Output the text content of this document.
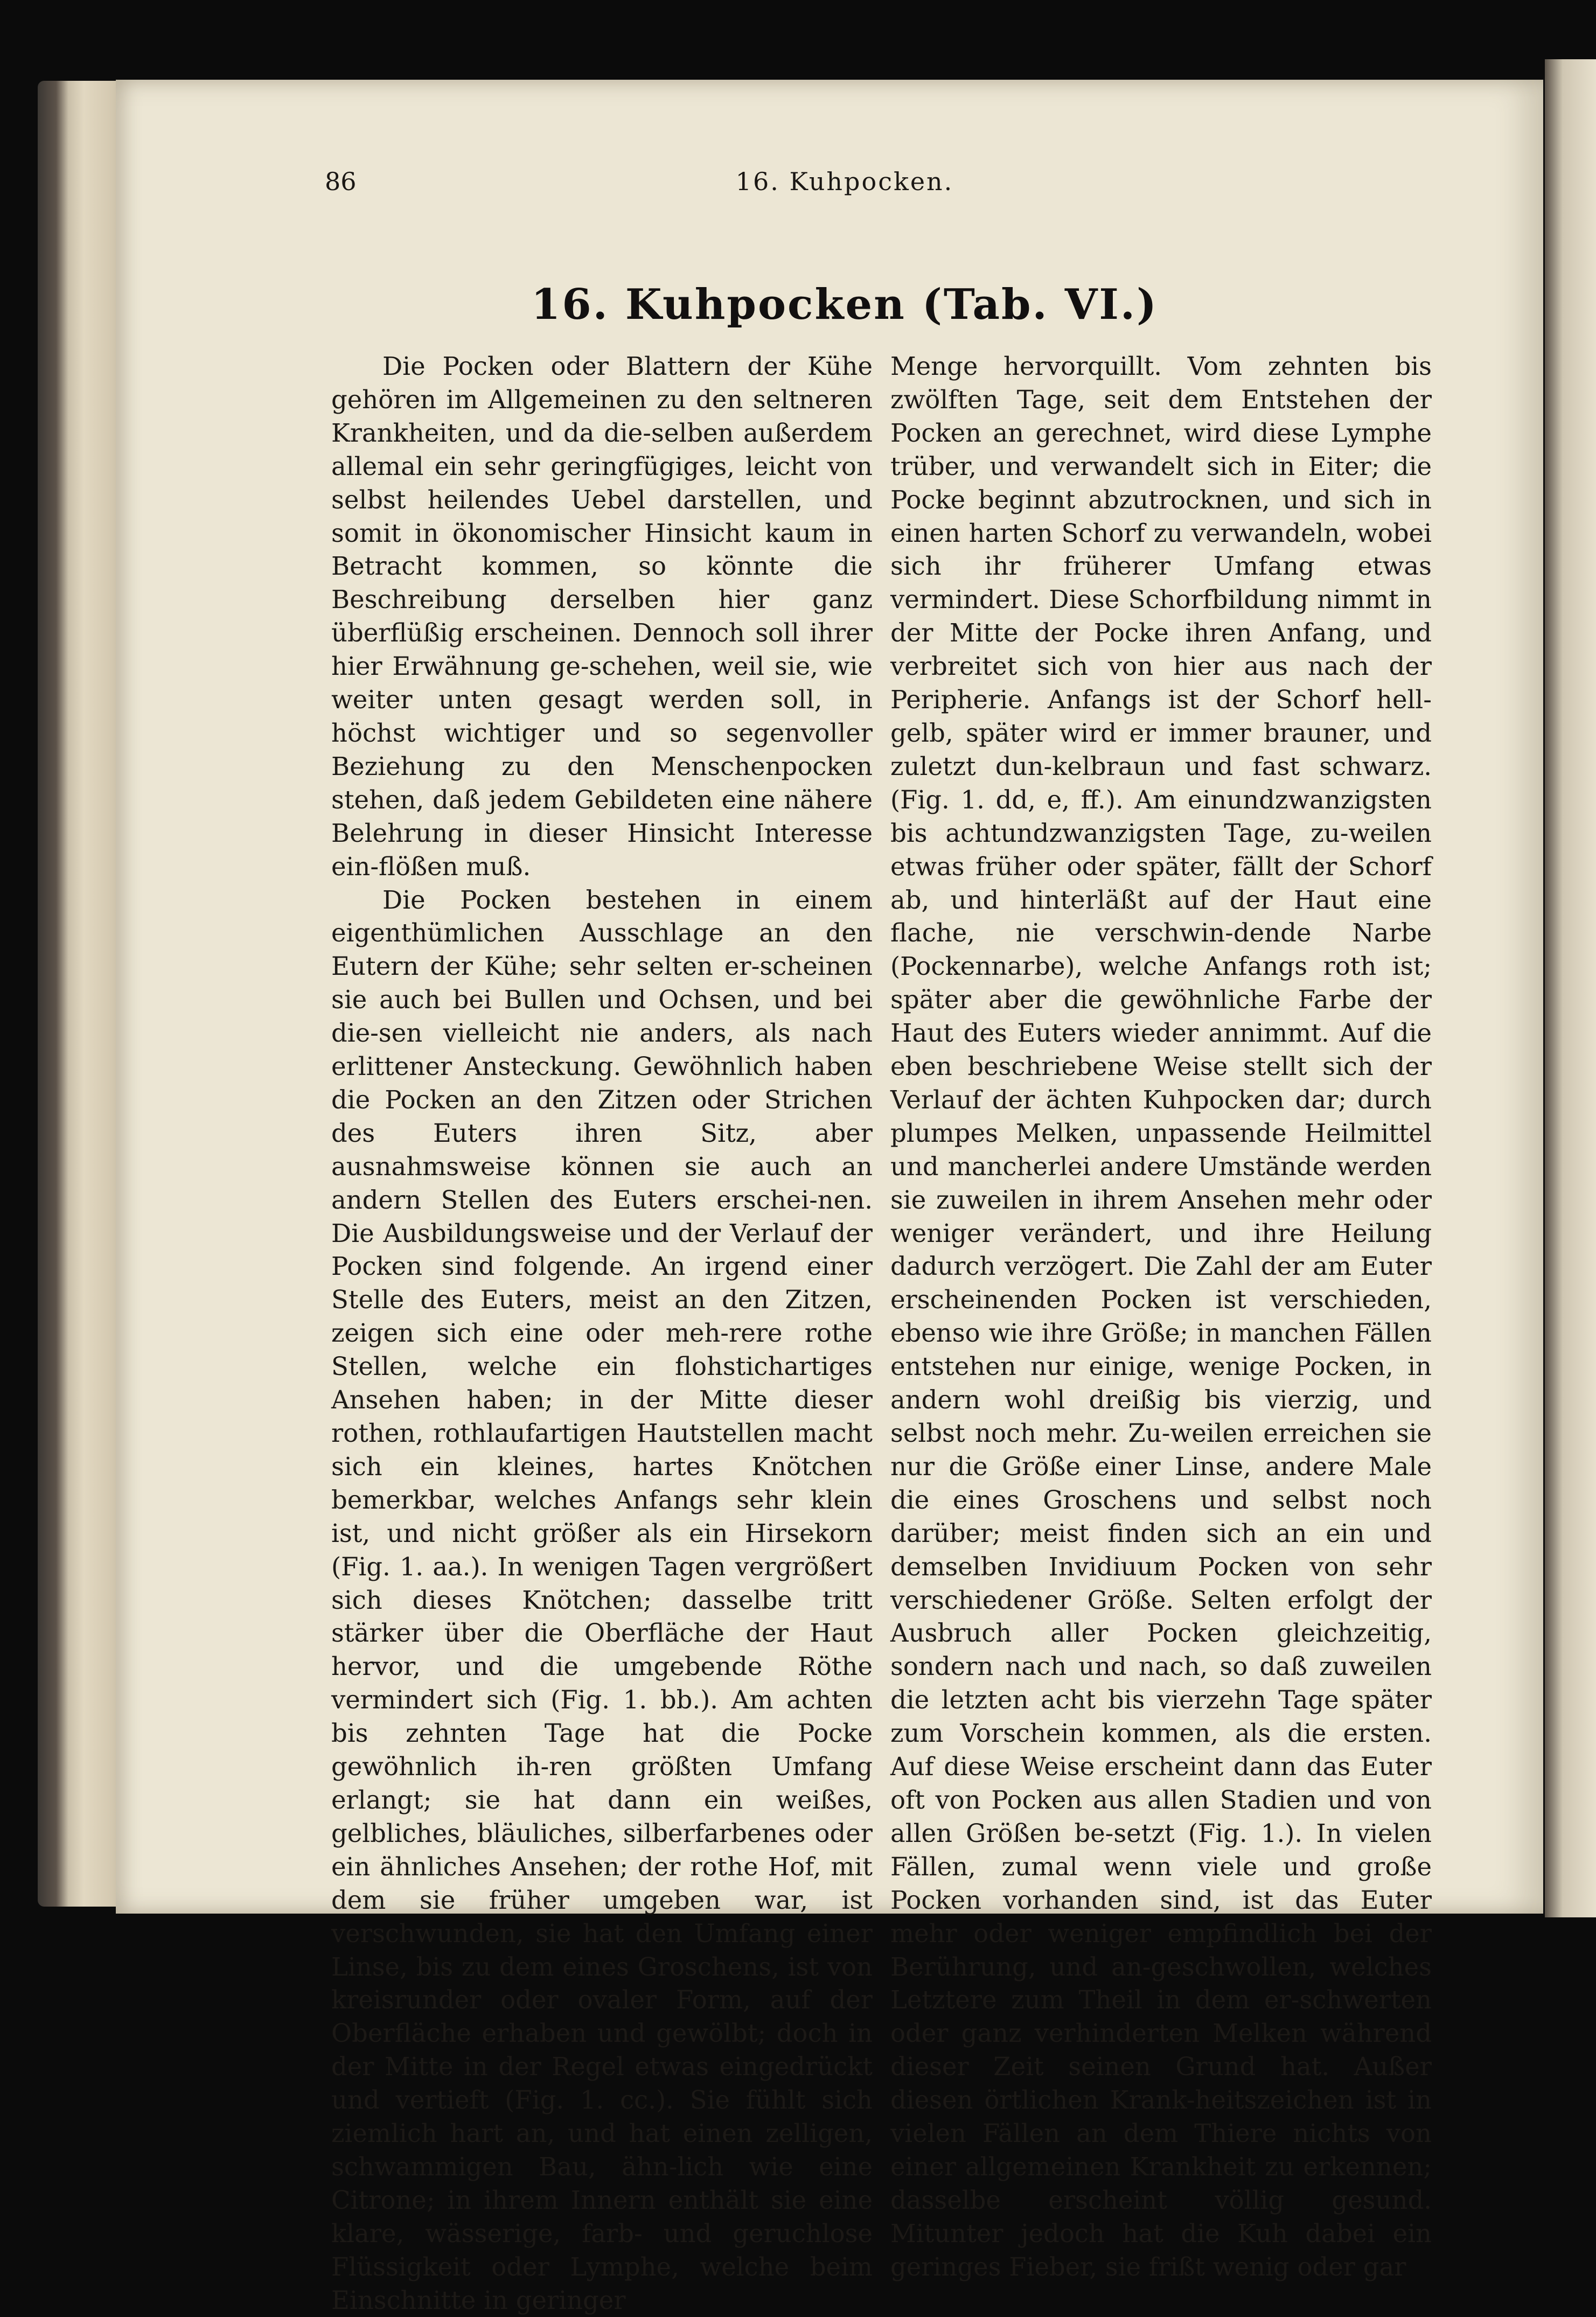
86	16. Kuhpocken.
16. Kuhpocken (Tab. VI.)

Die Pocken oder Blattern der Kühe gehören im Allgemeinen zu den seltneren Krankheiten, und da die-selben außerdem allemal ein sehr geringfügiges, leicht von selbst heilendes Uebel darstellen, und somit in ökonomischer Hinsicht kaum in Betracht kommen, so könnte die Beschreibung derselben hier ganz überflüßig erscheinen. Dennoch soll ihrer hier Erwähnung ge-schehen, weil sie, wie weiter unten gesagt werden soll, in höchst wichtiger und so segenvoller Beziehung zu den Menschenpocken stehen, daß jedem Gebildeten eine nähere Belehrung in dieser Hinsicht Interesse ein-flößen muß.

Die Pocken bestehen in einem eigenthümlichen Ausschlage an den Eutern der Kühe; sehr selten er-scheinen sie auch bei Bullen und Ochsen, und bei die-sen vielleicht nie anders, als nach erlittener Ansteckung. Gewöhnlich haben die Pocken an den Zitzen oder Strichen des Euters ihren Sitz, aber ausnahmsweise können sie auch an andern Stellen des Euters erschei-nen. Die Ausbildungsweise und der Verlauf der Pocken sind folgende. An irgend einer Stelle des Euters, meist an den Zitzen, zeigen sich eine oder meh-rere rothe Stellen, welche ein flohstichartiges Ansehen haben; in der Mitte dieser rothen, rothlaufartigen Hautstellen macht sich ein kleines, hartes Knötchen bemerkbar, welches Anfangs sehr klein ist, und nicht größer als ein Hirsekorn (Fig. 1. aa.). In wenigen Tagen vergrößert sich dieses Knötchen; dasselbe tritt stärker über die Oberfläche der Haut hervor, und die umgebende Röthe vermindert sich (Fig. 1. bb.). Am achten bis zehnten Tage hat die Pocke gewöhnlich ih-ren größten Umfang erlangt; sie hat dann ein weißes, gelbliches, bläuliches, silberfarbenes oder ein ähnliches Ansehen; der rothe Hof, mit dem sie früher umgeben war, ist verschwunden, sie hat den Umfang einer Linse, bis zu dem eines Groschens, ist von kreisrunder oder ovaler Form, auf der Oberfläche erhaben und gewölbt; doch in der Mitte in der Regel etwas eingedrückt und vertieft (Fig. 1. cc.). Sie fühlt sich ziemlich hart an, und hat einen zelligen, schwammigen Bau, ähn-lich wie eine Citrone; in ihrem Innern enthält sie eine klare, wässerige, farb- und geruchlose Flüssigkeit oder Lymphe, welche beim Einschnitte in geringer

Menge hervorquillt. Vom zehnten bis zwölften Tage, seit dem Entstehen der Pocken an gerechnet, wird diese Lymphe trüber, und verwandelt sich in Eiter; die Pocke beginnt abzutrocknen, und sich in einen harten Schorf zu verwandeln, wobei sich ihr früherer Umfang etwas vermindert. Diese Schorfbildung nimmt in der Mitte der Pocke ihren Anfang, und verbreitet sich von hier aus nach der Peripherie. Anfangs ist der Schorf hell-gelb, später wird er immer brauner, und zuletzt dun-kelbraun und fast schwarz. (Fig. 1. dd, e, ff.). Am einundzwanzigsten bis achtundzwanzigsten Tage, zu-weilen etwas früher oder später, fällt der Schorf ab, und hinterläßt auf der Haut eine flache, nie verschwin-dende Narbe (Pockennarbe), welche Anfangs roth ist; später aber die gewöhnliche Farbe der Haut des Euters wieder annimmt. Auf die eben beschriebene Weise stellt sich der Verlauf der ächten Kuhpocken dar; durch plumpes Melken, unpassende Heilmittel und mancherlei andere Umstände werden sie zuweilen in ihrem Ansehen mehr oder weniger verändert, und ihre Heilung dadurch verzögert. Die Zahl der am Euter erscheinenden Pocken ist verschieden, ebenso wie ihre Größe; in manchen Fällen entstehen nur einige, wenige Pocken, in andern wohl dreißig bis vierzig, und selbst noch mehr. Zu-weilen erreichen sie nur die Größe einer Linse, andere Male die eines Groschens und selbst noch darüber; meist finden sich an ein und demselben Invidiuum Pocken von sehr verschiedener Größe. Selten erfolgt der Ausbruch aller Pocken gleichzeitig, sondern nach und nach, so daß zuweilen die letzten acht bis vierzehn Tage später zum Vorschein kommen, als die ersten. Auf diese Weise erscheint dann das Euter oft von Pocken aus allen Stadien und von allen Größen be-setzt (Fig. 1.). In vielen Fällen, zumal wenn viele und große Pocken vorhanden sind, ist das Euter mehr oder weniger empfindlich bei der Berührung, und an-geschwollen, welches Letztere zum Theil in dem er-schwerten oder ganz verhinderten Melken während dieser Zeit seinen Grund hat. Außer diesen örtlichen Krank-heitszeichen ist in vielen Fällen an dem Thiere nichts von einer allgemeinen Krankheit zu erkennen; dasselbe erscheint völlig gesund. Mitunter jedoch hat die Kuh dabei ein geringes Fieber, sie frißt wenig oder gar
